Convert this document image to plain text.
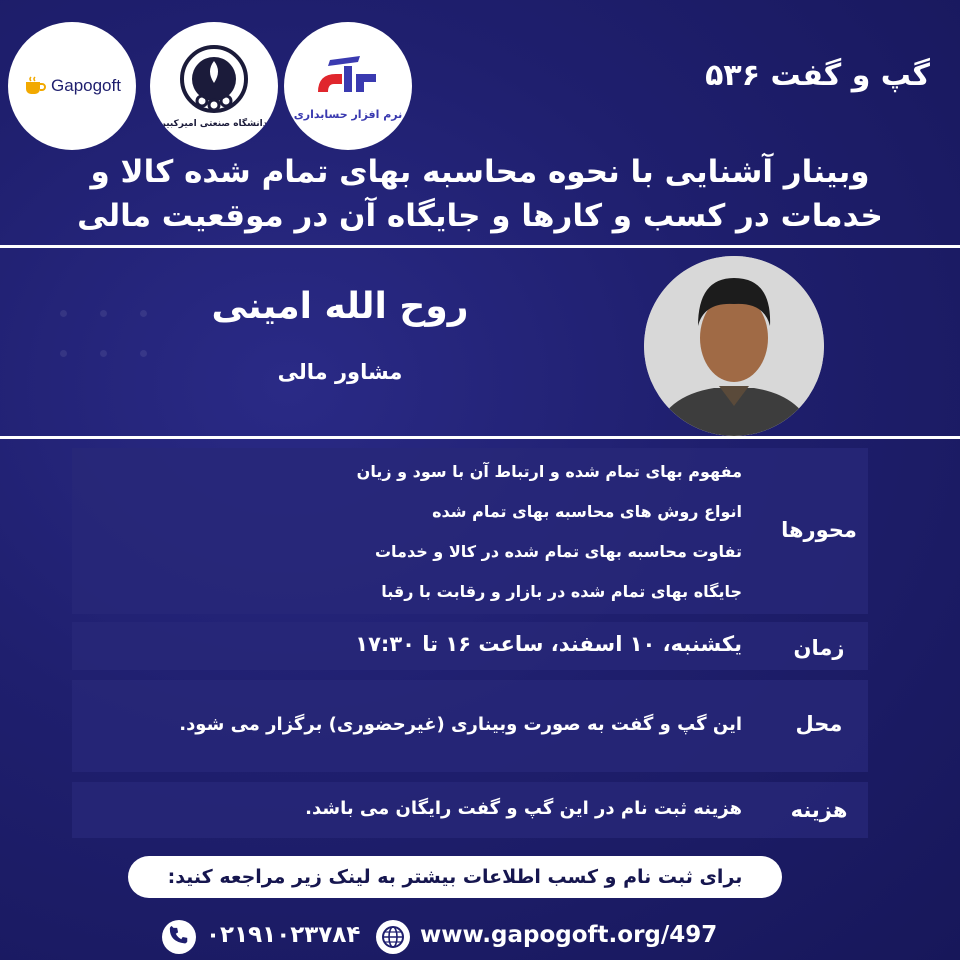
Gapogoft
دانشگاه صنعتی امیرکبیر
نرم افزار حسابداری
گپ و گفت ۵۳۶
وبینار آشنایی با نحوه محاسبه بهای تمام شده کالا و
خدمات در کسب و کارها و جایگاه آن در موقعیت مالی
روح الله امینی
مشاور مالی
محورها
مفهوم بهای تمام شده و ارتباط آن با سود و زیان
انواع روش های محاسبه بهای تمام شده
تفاوت محاسبه بهای تمام شده در کالا و خدمات
جایگاه بهای تمام شده در بازار و رقابت با رقبا
زمان
یکشنبه، ۱۰ اسفند، ساعت ۱۶ تا ۱۷:۳۰
محل
این گپ و گفت به صورت وبیناری (غیرحضوری) برگزار می شود.
هزینه
هزینه ثبت نام در این گپ و گفت رایگان می باشد.
برای ثبت نام و کسب اطلاعات بیشتر به لینک زیر مراجعه کنید:
www.gapogoft.org/497
۰۲۱۹۱۰۲۳۷۸۴
